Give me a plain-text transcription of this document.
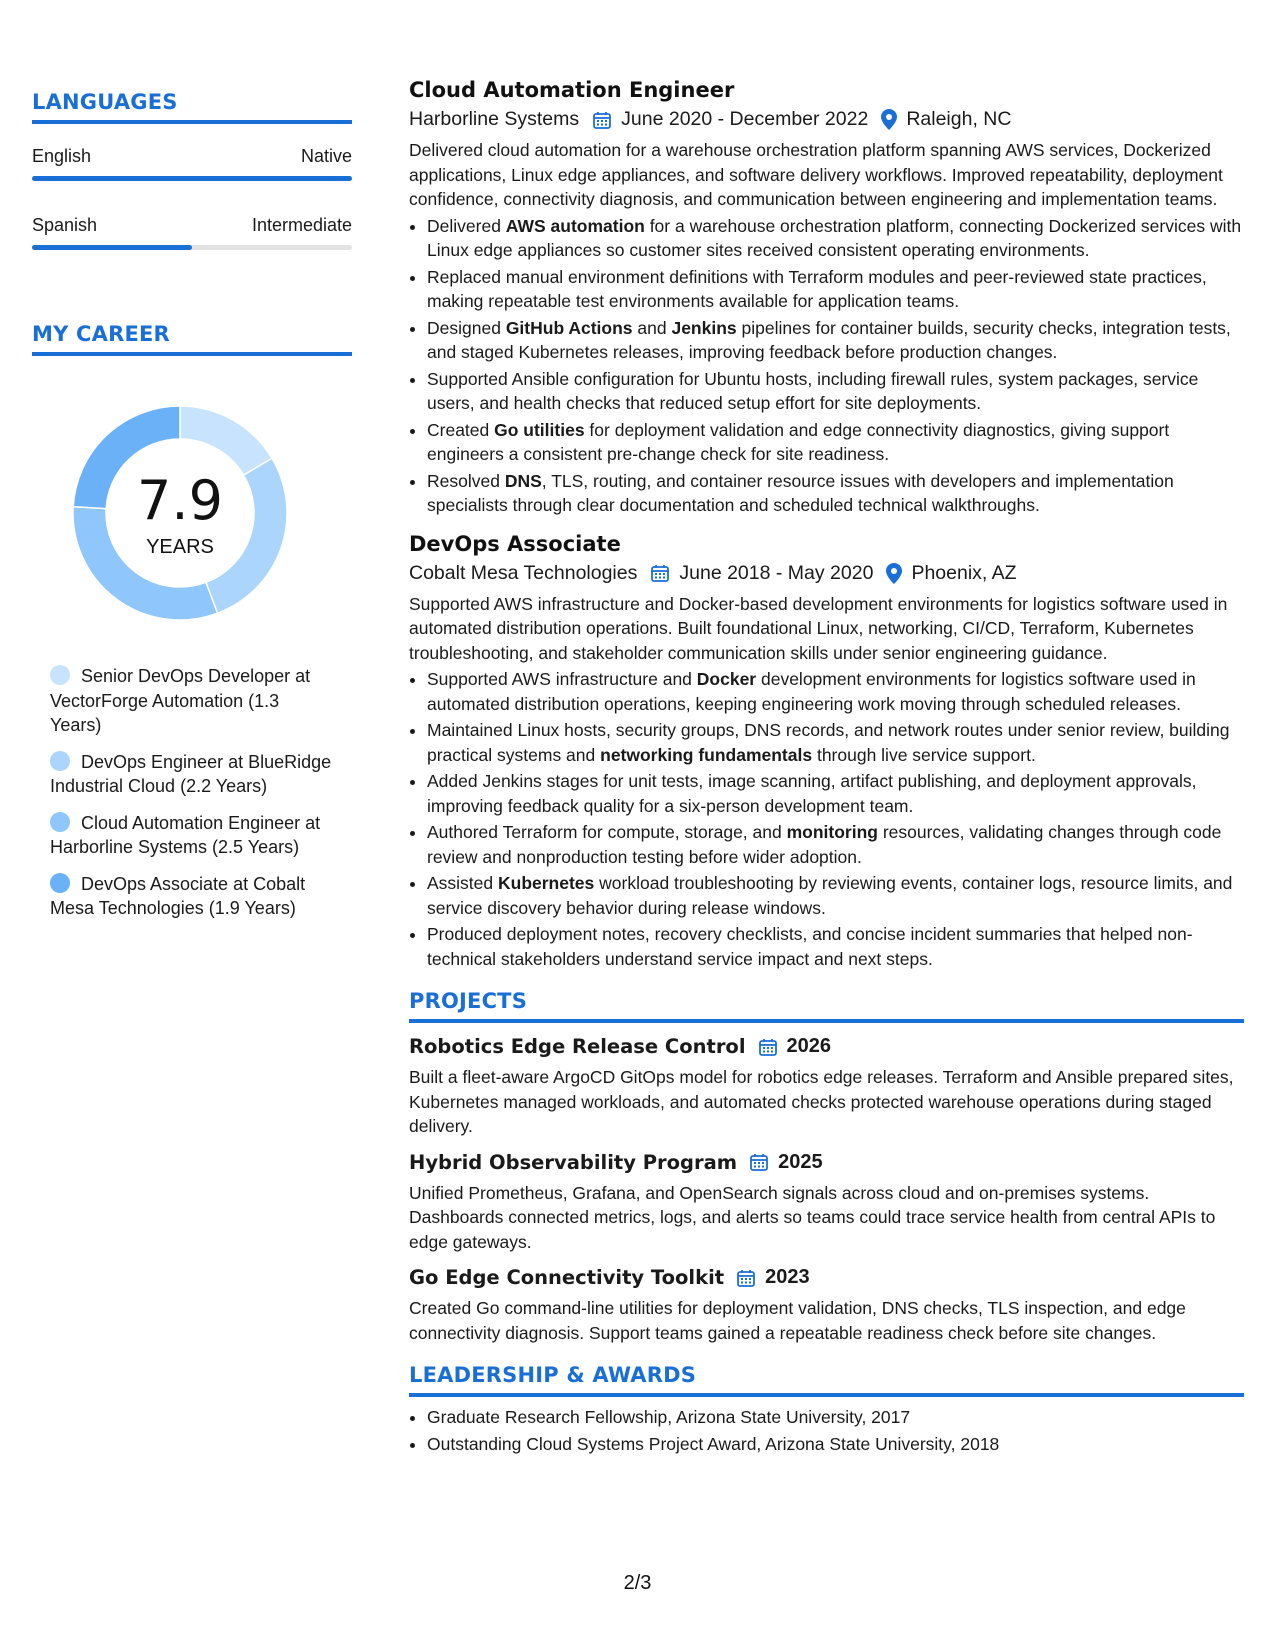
LANGUAGES
English	Native
Spanish	Intermediate
MY CAREER
7.9
YEARS
Senior DevOps Developer at VectorForge Automation (1.3 Years)
DevOps Engineer at BlueRidge Industrial Cloud (2.2 Years)
Cloud Automation Engineer at Harborline Systems (2.5 Years)
DevOps Associate at Cobalt Mesa Technologies (1.9 Years)
Cloud Automation Engineer
Harborline Systems June 2020 - December 2022 Raleigh, NC
Delivered cloud automation for a warehouse orchestration platform spanning AWS services, Dockerized applications, Linux edge appliances, and software delivery workflows. Improved repeatability, deployment confidence, connectivity diagnosis, and communication between engineering and implementation teams.
• Delivered AWS automation for a warehouse orchestration platform, connecting Dockerized services with Linux edge appliances so customer sites received consistent operating environments.
• Replaced manual environment definitions with Terraform modules and peer-reviewed state practices, making repeatable test environments available for application teams.
• Designed GitHub Actions and Jenkins pipelines for container builds, security checks, integration tests, and staged Kubernetes releases, improving feedback before production changes.
• Supported Ansible configuration for Ubuntu hosts, including firewall rules, system packages, service users, and health checks that reduced setup effort for site deployments.
• Created Go utilities for deployment validation and edge connectivity diagnostics, giving support engineers a consistent pre-change check for site readiness.
• Resolved DNS, TLS, routing, and container resource issues with developers and implementation specialists through clear documentation and scheduled technical walkthroughs.
DevOps Associate
Cobalt Mesa Technologies June 2018 - May 2020 Phoenix, AZ
Supported AWS infrastructure and Docker-based development environments for logistics software used in automated distribution operations. Built foundational Linux, networking, CI/CD, Terraform, Kubernetes troubleshooting, and stakeholder communication skills under senior engineering guidance.
• Supported AWS infrastructure and Docker development environments for logistics software used in automated distribution operations, keeping engineering work moving through scheduled releases.
• Maintained Linux hosts, security groups, DNS records, and network routes under senior review, building practical systems and networking fundamentals through live service support.
• Added Jenkins stages for unit tests, image scanning, artifact publishing, and deployment approvals, improving feedback quality for a six-person development team.
• Authored Terraform for compute, storage, and monitoring resources, validating changes through code review and nonproduction testing before wider adoption.
• Assisted Kubernetes workload troubleshooting by reviewing events, container logs, resource limits, and service discovery behavior during release windows.
• Produced deployment notes, recovery checklists, and concise incident summaries that helped non-technical stakeholders understand service impact and next steps.
PROJECTS
Robotics Edge Release Control 2026
Built a fleet-aware ArgoCD GitOps model for robotics edge releases. Terraform and Ansible prepared sites, Kubernetes managed workloads, and automated checks protected warehouse operations during staged delivery.
Hybrid Observability Program 2025
Unified Prometheus, Grafana, and OpenSearch signals across cloud and on-premises systems. Dashboards connected metrics, logs, and alerts so teams could trace service health from central APIs to edge gateways.
Go Edge Connectivity Toolkit 2023
Created Go command-line utilities for deployment validation, DNS checks, TLS inspection, and edge connectivity diagnosis. Support teams gained a repeatable readiness check before site changes.
LEADERSHIP & AWARDS
• Graduate Research Fellowship, Arizona State University, 2017
• Outstanding Cloud Systems Project Award, Arizona State University, 2018
2/3
